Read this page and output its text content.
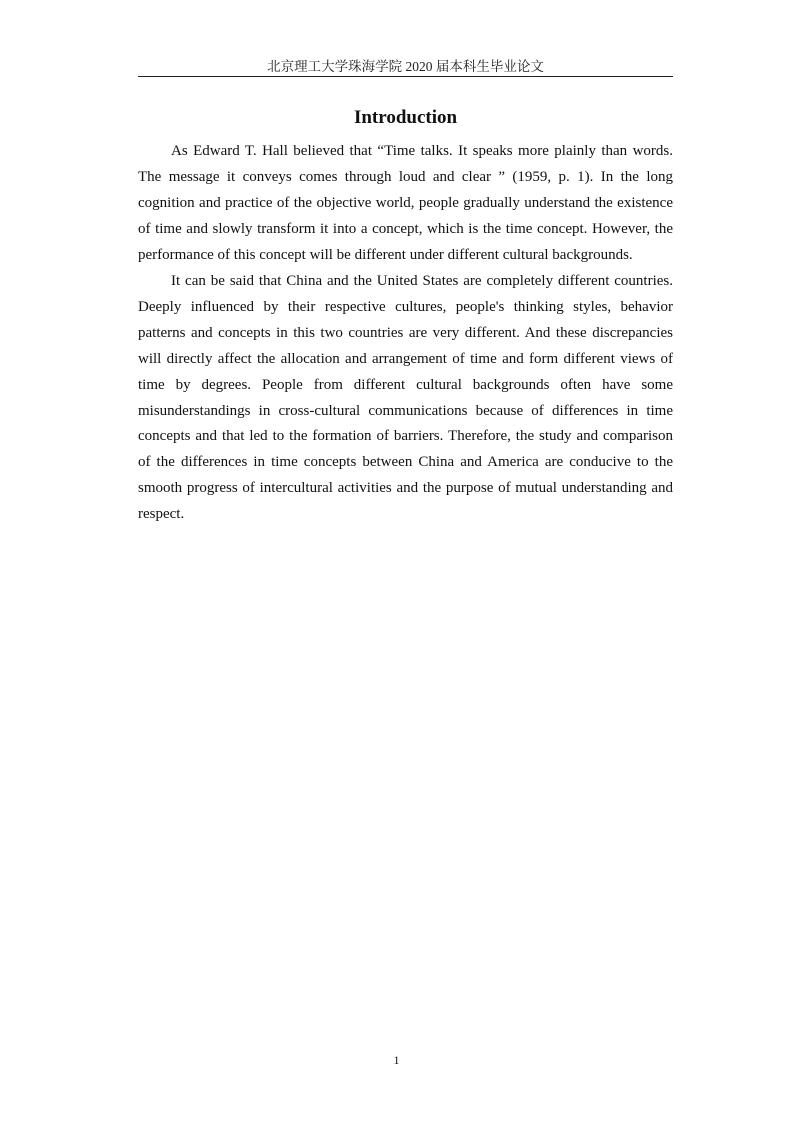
北京理工大学珠海学院 2020 届本科生毕业论文
Introduction

As Edward T. Hall believed that “Time talks. It speaks more plainly than words. The message it conveys comes through loud and clear ” (1959, p. 1). In the long cognition and practice of the objective world, people gradually understand the existence of time and slowly transform it into a concept, which is the time concept. However, the performance of this concept will be different under different cultural backgrounds.

It can be said that China and the United States are completely different countries. Deeply influenced by their respective cultures, people's thinking styles, behavior patterns and concepts in this two countries are very different. And these discrepancies will directly affect the allocation and arrangement of time and form different views of time by degrees. People from different cultural backgrounds often have some misunderstandings in cross-cultural communications because of differences in time concepts and that led to the formation of barriers. Therefore, the study and comparison of the differences in time concepts between China and America are conducive to the smooth progress of intercultural activities and the purpose of mutual understanding and respect.

1
